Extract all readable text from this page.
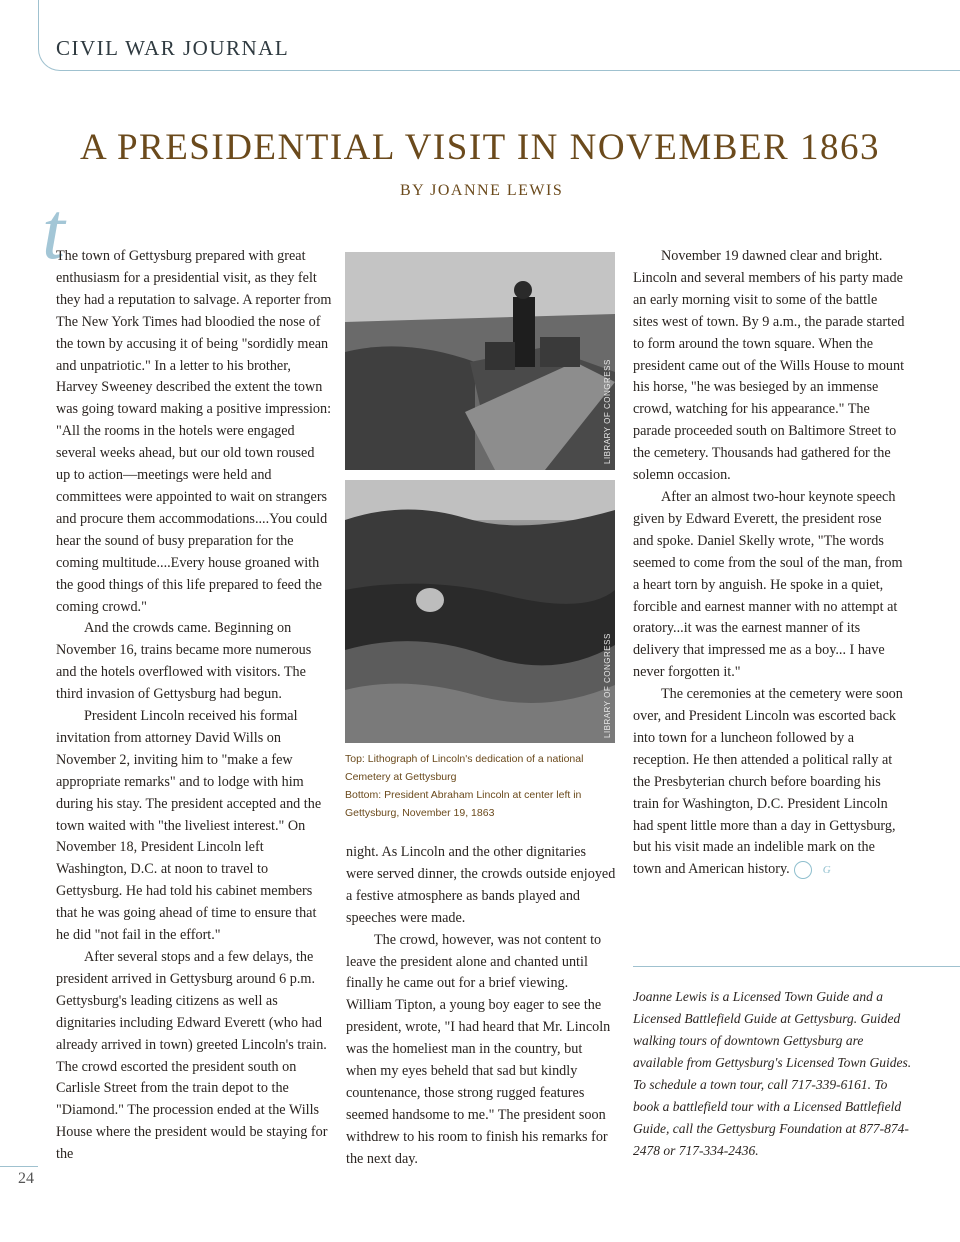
CIVIL WAR JOURNAL
A PRESIDENTIAL VISIT IN NOVEMBER 1863
BY JOANNE LEWIS
t

The town of Gettysburg prepared with great enthusiasm for a presidential visit, as they felt they had a reputation to salvage. A reporter from The New York Times had bloodied the nose of the town by accusing it of being "sordidly mean and unpatriotic." In a letter to his brother, Harvey Sweeney described the extent the town was going toward making a positive impression: "All the rooms in the hotels were engaged several weeks ahead, but our old town roused up to action—meetings were held and committees were appointed to wait on strangers and procure them accommodations....You could hear the sound of busy preparation for the coming multitude....Every house groaned with the good things of this life prepared to feed the coming crowd."

And the crowds came. Beginning on November 16, trains became more numerous and the hotels overflowed with visitors. The third invasion of Gettysburg had begun.

President Lincoln received his formal invitation from attorney David Wills on November 2, inviting him to "make a few appropriate remarks" and to lodge with him during his stay. The president accepted and the town waited with "the liveliest interest." On November 18, President Lincoln left Washington, D.C. at noon to travel to Gettysburg. He had told his cabinet members that he was going ahead of time to ensure that he did "not fail in the effort."

After several stops and a few delays, the president arrived in Gettysburg around 6 p.m. Gettysburg's leading citizens as well as dignitaries including Edward Everett (who had already arrived in town) greeted Lincoln's train. The crowd escorted the president south on Carlisle Street from the train depot to the "Diamond." The procession ended at the Wills House where the president would be staying for the

LIBRARY OF CONGRESS
LIBRARY OF CONGRESS
Top: Lithograph of Lincoln's dedication of a national Cemetery at Gettysburg
Bottom: President Abraham Lincoln at center left in Gettysburg, November 19, 1863

night. As Lincoln and the other dignitaries were served dinner, the crowds outside enjoyed a festive atmosphere as bands played and speeches were made.

The crowd, however, was not content to leave the president alone and chanted until finally he came out for a brief viewing. William Tipton, a young boy eager to see the president, wrote, "I had heard that Mr. Lincoln was the homeliest man in the country, but when my eyes beheld that sad but kindly countenance, those strong rugged features seemed handsome to me." The president soon withdrew to his room to finish his remarks for the next day.

November 19 dawned clear and bright. Lincoln and several members of his party made an early morning visit to some of the battle sites west of town. By 9 a.m., the parade started to form around the town square. When the president came out of the Wills House to mount his horse, "he was besieged by an immense crowd, watching for his appearance." The parade proceeded south on Baltimore Street to the cemetery. Thousands had gathered for the solemn occasion.

After an almost two-hour keynote speech given by Edward Everett, the president rose and spoke. Daniel Skelly wrote, "The words seemed to come from the soul of the man, from a heart torn by anguish. He spoke in a quiet, forcible and earnest manner with no attempt at oratory...it was the earnest manner of its delivery that impressed me as a boy... I have never forgotten it."

The ceremonies at the cemetery were soon over, and President Lincoln was escorted back into town for a luncheon followed by a reception. He then attended a political rally at the Presbyterian church before boarding his train for Washington, D.C. President Lincoln had spent little more than a day in Gettysburg, but his visit made an indelible mark on the town and American history.	G

Joanne Lewis is a Licensed Town Guide and a Licensed Battlefield Guide at Gettysburg. Guided walking tours of downtown Gettysburg are available from Gettysburg's Licensed Town Guides. To schedule a town tour, call 717-339-6161. To book a battlefield tour with a Licensed Battlefield Guide, call the Gettysburg Foundation at 877-874-2478 or 717-334-2436.
24
